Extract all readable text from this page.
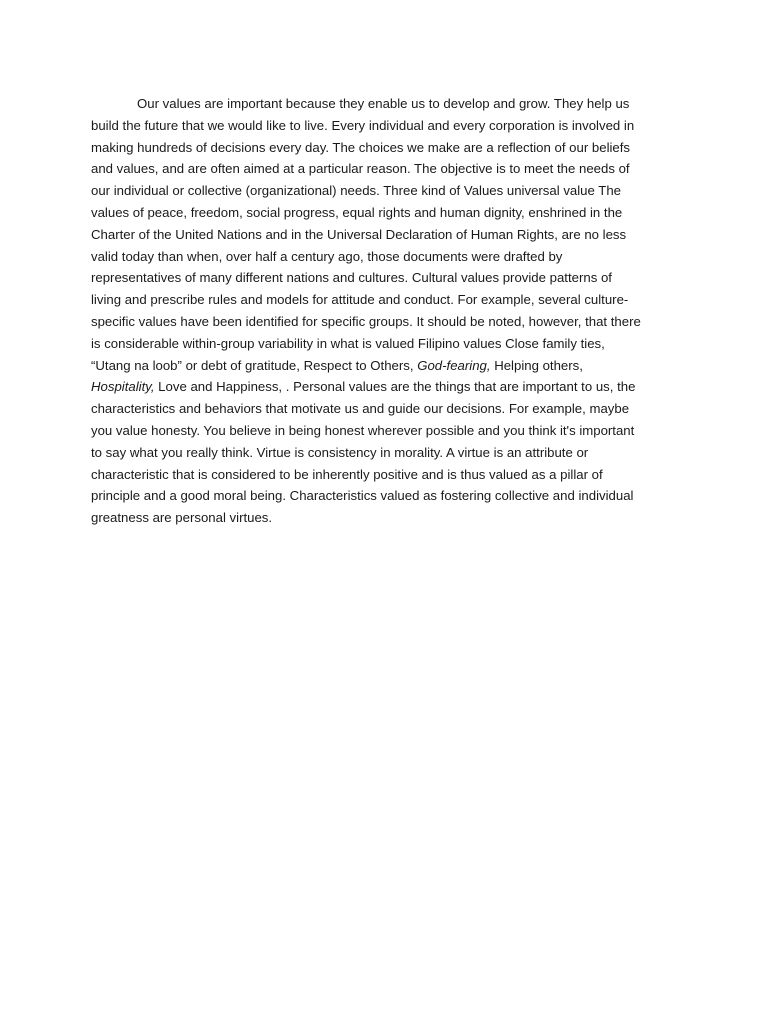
Our values are important because they enable us to develop and grow. They help us
build the future that we would like to live. Every individual and every corporation is involved in
making hundreds of decisions every day. The choices we make are a reflection of our beliefs
and values, and are often aimed at a particular reason. The objective is to meet the needs of
our individual or collective (organizational) needs. Three kind of Values universal value The
values of peace, freedom, social progress, equal rights and human dignity, enshrined in the
Charter of the United Nations and in the Universal Declaration of Human Rights, are no less
valid today than when, over half a century ago, those documents were drafted by
representatives of many different nations and cultures. Cultural values provide patterns of
living and prescribe rules and models for attitude and conduct. For example, several culture-
specific values have been identified for specific groups. It should be noted, however, that there
is considerable within-group variability in what is valued Filipino values Close family ties,
“Utang na loob” or debt of gratitude, Respect to Others, God-fearing, Helping others,
Hospitality, Love and Happiness, . Personal values are the things that are important to us, the
characteristics and behaviors that motivate us and guide our decisions. For example, maybe
you value honesty. You believe in being honest wherever possible and you think it's important
to say what you really think. Virtue is consistency in morality. A virtue is an attribute or
characteristic that is considered to be inherently positive and is thus valued as a pillar of
principle and a good moral being. Characteristics valued as fostering collective and individual
greatness are personal virtues.
